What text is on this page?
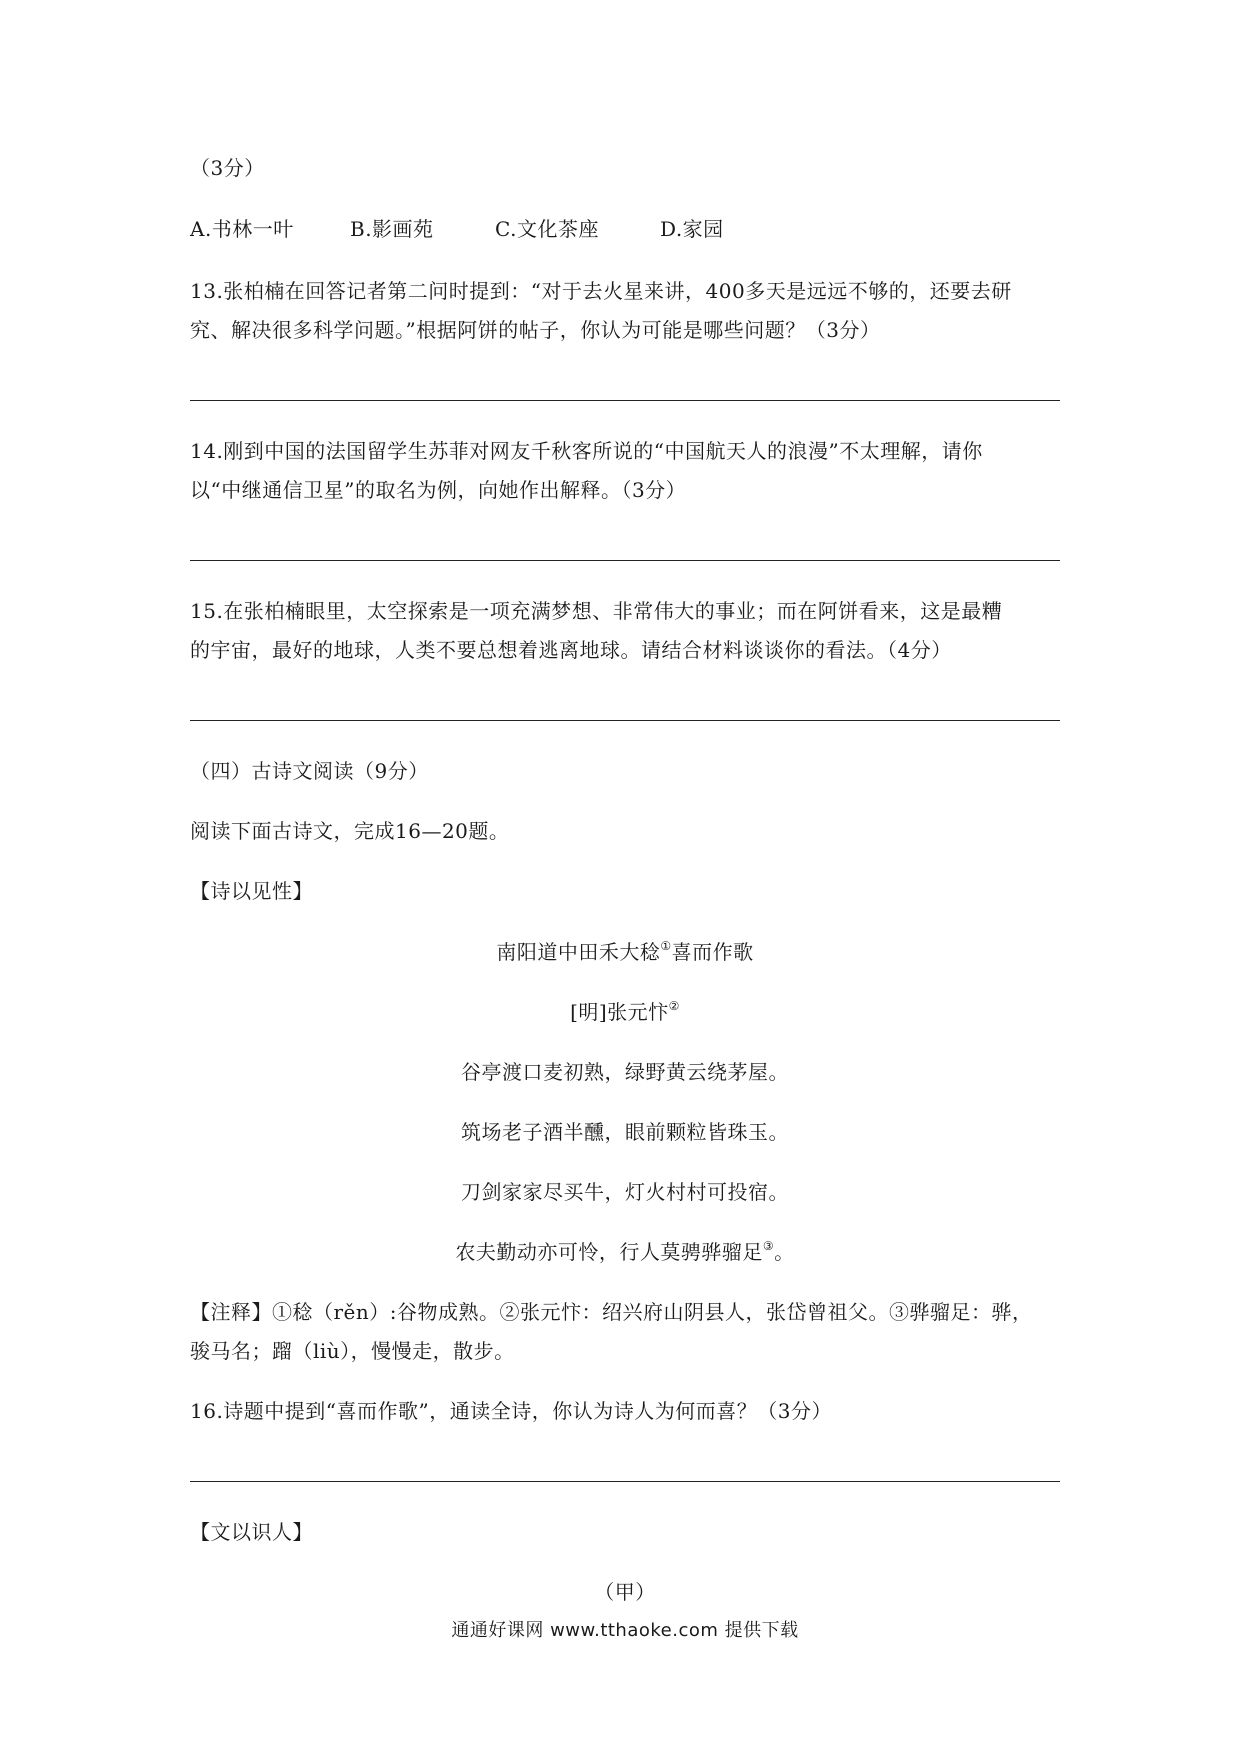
（3分）
A.书林一叶	B.影画苑	C.文化茶座	D.家园
13.张柏楠在回答记者第二问时提到：“对于去火星来讲，400多天是远远不够的，还要去研
究、解决很多科学问题。”根据阿饼的帖子，你认为可能是哪些问题？（3分）
14.刚到中国的法国留学生苏菲对网友千秋客所说的“中国航天人的浪漫”不太理解，请你
以“中继通信卫星”的取名为例，向她作出解释。（3分）
15.在张柏楠眼里，太空探索是一项充满梦想、非常伟大的事业；而在阿饼看来，这是最糟
的宇宙，最好的地球，人类不要总想着逃离地球。请结合材料谈谈你的看法。（4分）
（四）古诗文阅读（9分）
阅读下面古诗文，完成16—20题。
【诗以见性】
南阳道中田禾大稔①喜而作歌
[明]张元忭②
谷亭渡口麦初熟，绿野黄云绕茅屋。
筑场老子酒半醺，眼前颗粒皆珠玉。
刀剑家家尽买牛，灯火村村可投宿。
农夫勤动亦可怜，行人莫骋骅骝足③。
【注释】①稔（rěn）:谷物成熟。②张元忭：绍兴府山阴县人，张岱曾祖父。③骅骝足：骅，
骏马名；蹓（liù），慢慢走，散步。
16.诗题中提到“喜而作歌”，通读全诗，你认为诗人为何而喜？（3分）
【文以识人】
（甲）
通通好课网 www.tthaoke.com 提供下载
